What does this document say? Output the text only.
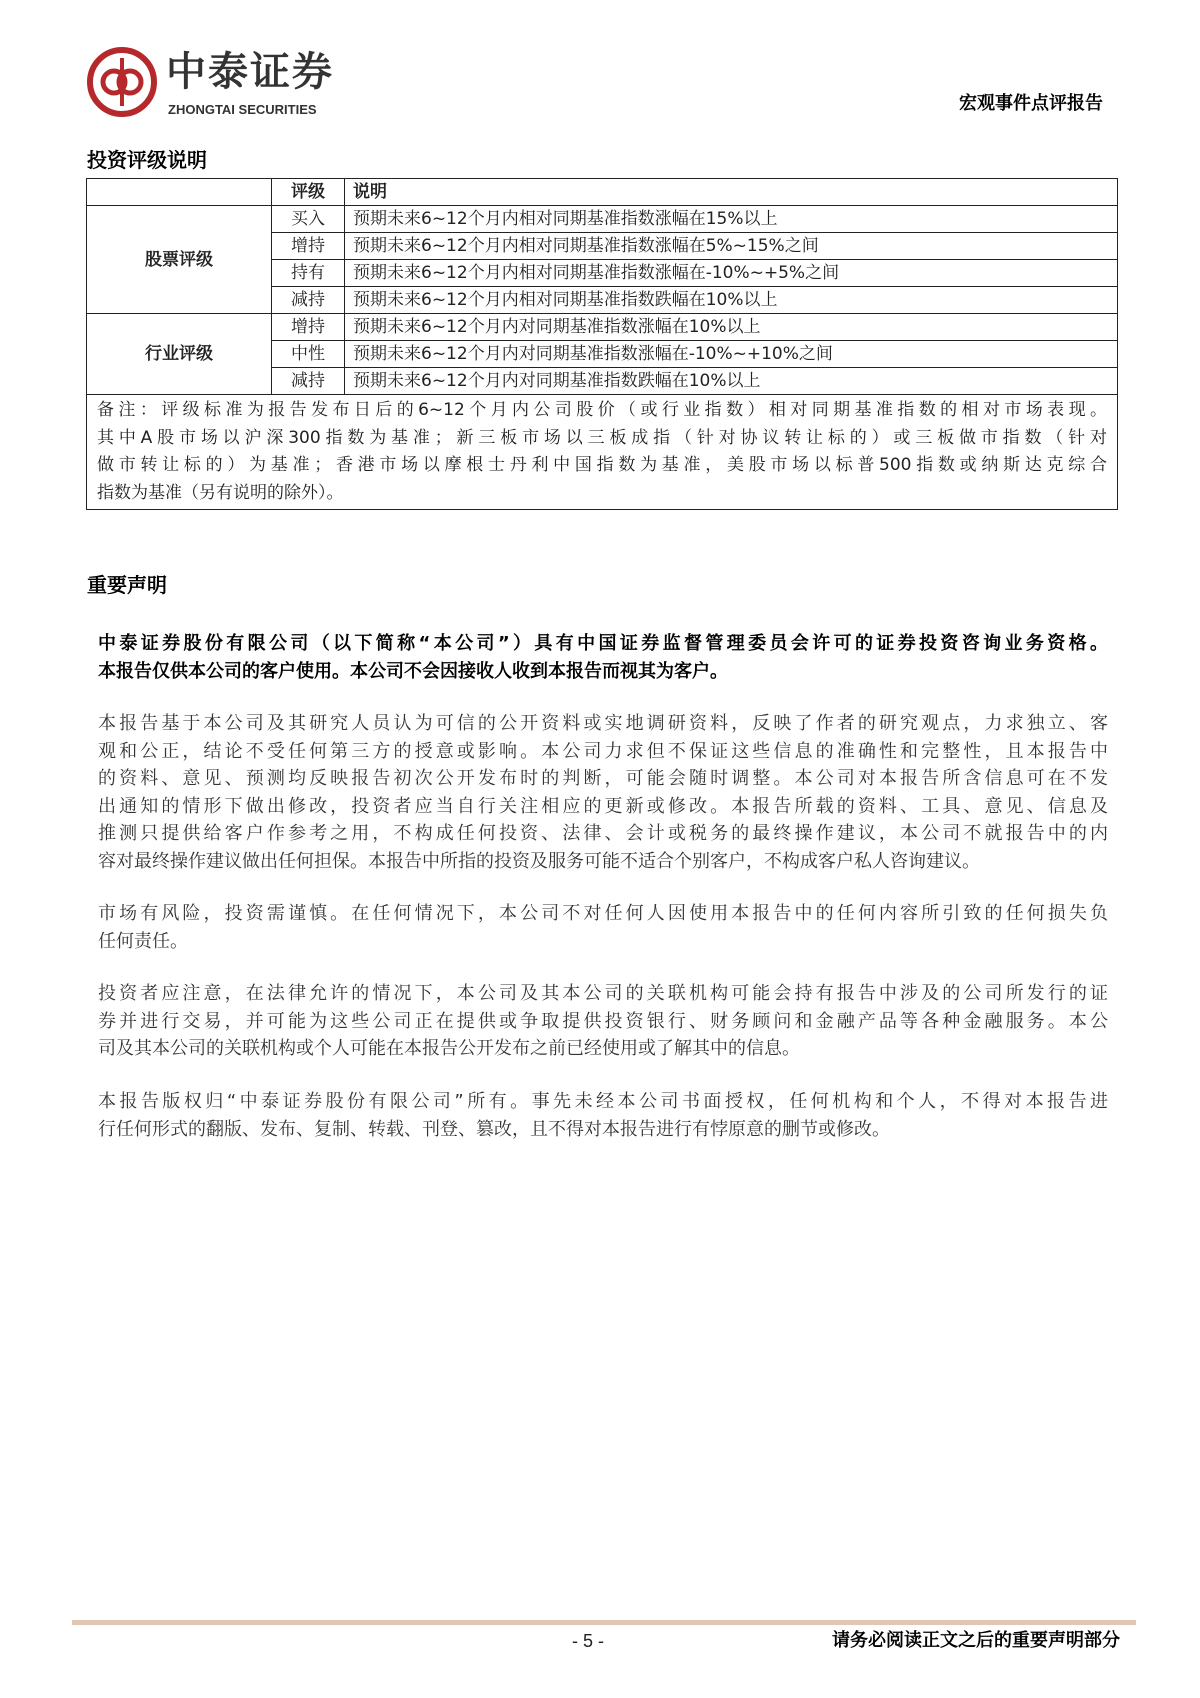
中泰证券
ZHONGTAI SECURITIES	宏观事件点评报告
投资评级说明
	评级	说明
股票评级	买入	预期未来6~12个月内相对同期基准指数涨幅在15%以上
	增持	预期未来6~12个月内相对同期基准指数涨幅在5%~15%之间
	持有	预期未来6~12个月内相对同期基准指数涨幅在-10%~+5%之间
	减持	预期未来6~12个月内相对同期基准指数跌幅在10%以上
行业评级	增持	预期未来6~12个月内对同期基准指数涨幅在10%以上
	中性	预期未来6~12个月内对同期基准指数涨幅在-10%~+10%之间
	减持	预期未来6~12个月内对同期基准指数跌幅在10%以上

备注：评级标准为报告发布日后的6~12个月内公司股价（或行业指数）相对同期基准指数的相对市场表现。
其中A股市场以沪深300指数为基准；新三板市场以三板成指（针对协议转让标的）或三板做市指数（针对
做市转让标的）为基准；香港市场以摩根士丹利中国指数为基准，美股市场以标普500指数或纳斯达克综合
指数为基准（另有说明的除外）。		
重要声明
中泰证券股份有限公司（以下简称“本公司”）具有中国证券监督管理委员会许可的证券投资咨询业务资格。
本报告仅供本公司的客户使用。本公司不会因接收人收到本报告而视其为客户。
本报告基于本公司及其研究人员认为可信的公开资料或实地调研资料，反映了作者的研究观点，力求独立、客
观和公正，结论不受任何第三方的授意或影响。本公司力求但不保证这些信息的准确性和完整性，且本报告中
的资料、意见、预测均反映报告初次公开发布时的判断，可能会随时调整。本公司对本报告所含信息可在不发
出通知的情形下做出修改，投资者应当自行关注相应的更新或修改。本报告所载的资料、工具、意见、信息及
推测只提供给客户作参考之用，不构成任何投资、法律、会计或税务的最终操作建议，本公司不就报告中的内
容对最终操作建议做出任何担保。本报告中所指的投资及服务可能不适合个别客户，不构成客户私人咨询建议。
市场有风险，投资需谨慎。在任何情况下，本公司不对任何人因使用本报告中的任何内容所引致的任何损失负
任何责任。
投资者应注意，在法律允许的情况下，本公司及其本公司的关联机构可能会持有报告中涉及的公司所发行的证
券并进行交易，并可能为这些公司正在提供或争取提供投资银行、财务顾问和金融产品等各种金融服务。本公
司及其本公司的关联机构或个人可能在本报告公开发布之前已经使用或了解其中的信息。
本报告版权归“中泰证券股份有限公司”所有。事先未经本公司书面授权，任何机构和个人，不得对本报告进
行任何形式的翻版、发布、复制、转载、刊登、篡改，且不得对本报告进行有悖原意的删节或修改。
- 5 -	请务必阅读正文之后的重要声明部分
